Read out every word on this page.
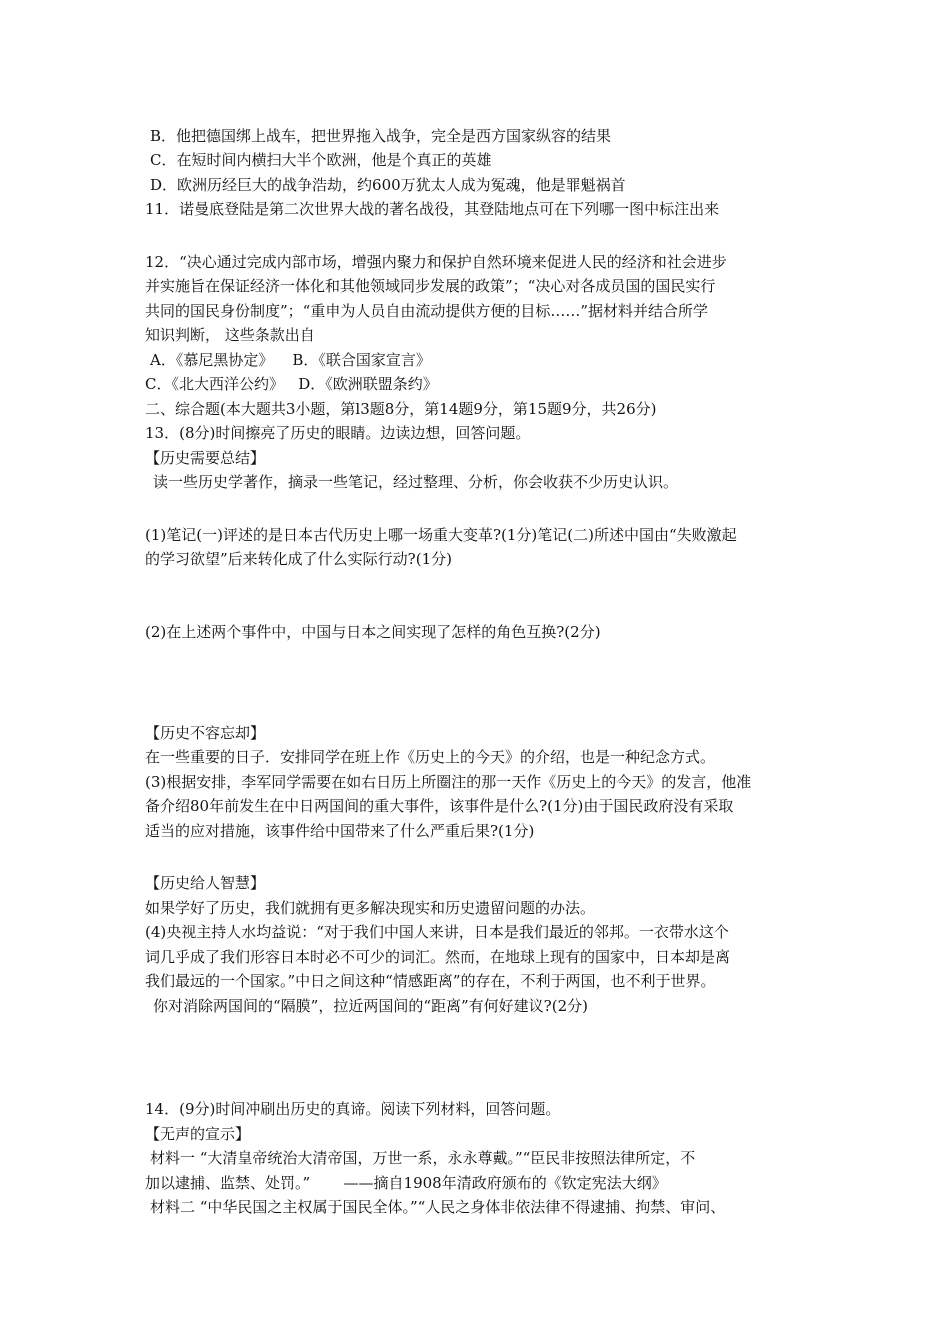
B．他把德国绑上战车，把世界拖入战争，完全是西方国家纵容的结果
C．在短时间内横扫大半个欧洲，他是个真正的英雄
D．欧洲历经巨大的战争浩劫，约600万犹太人成为冤魂，他是罪魁祸首
11．诺曼底登陆是第二次世界大战的著名战役，其登陆地点可在下列哪一图中标注出来
12．“决心通过完成内部市场，增强内聚力和保护自然环境来促进人民的经济和社会进步
并实施旨在保证经济一体化和其他领域同步发展的政策”；“决心对各成员国的国民实行
共同的国民身份制度”；“重申为人员自由流动提供方便的目标……”据材料并结合所学
知识判断， 这些条款出自
A．《慕尼黑协定》    B．《联合国家宣言》
C．《北大西洋公约》   D．《欧洲联盟条约》
二、综合题(本大题共3小题，第l3题8分，第14题9分，第15题9分，共26分)
13．(8分)时间擦亮了历史的眼睛。边读边想，回答问题。
【历史需要总结】
读一些历史学著作，摘录一些笔记，经过整理、分析，你会收获不少历史认识。
(1)笔记(一)评述的是日本古代历史上哪一场重大变革?(1分)笔记(二)所述中国由“失败激起
的学习欲望”后来转化成了什么实际行动?(1分)
(2)在上述两个事件中，中国与日本之间实现了怎样的角色互换?(2分)
【历史不容忘却】
在一些重要的日子．安排同学在班上作《历史上的今天》的介绍，也是一种纪念方式。
(3)根据安排，李军同学需要在如右日历上所圈注的那一天作《历史上的今天》的发言，他准
备介绍80年前发生在中日两国间的重大事件，该事件是什么?(1分)由于国民政府没有采取
适当的应对措施，该事件给中国带来了什么严重后果?(1分)
【历史给人智慧】
如果学好了历史，我们就拥有更多解决现实和历史遗留问题的办法。
(4)央视主持人水均益说：“对于我们中国人来讲，日本是我们最近的邻邦。一衣带水这个
词几乎成了我们形容日本时必不可少的词汇。然而，在地球上现有的国家中，日本却是离
我们最远的一个国家。”中日之间这种“情感距离”的存在，不利于两国，也不利于世界。
你对消除两国间的“隔膜”，拉近两国间的“距离”有何好建议?(2分)
14．(9分)时间冲刷出历史的真谛。阅读下列材料，回答问题。
【无声的宣示】
材料一 “大清皇帝统治大清帝国，万世一系，永永尊戴。”“臣民非按照法律所定，不
加以逮捕、监禁、处罚。”       ——摘自1908年清政府颁布的《钦定宪法大纲》
材料二 “中华民国之主权属于国民全体。”“人民之身体非依法律不得逮捕、拘禁、审问、
